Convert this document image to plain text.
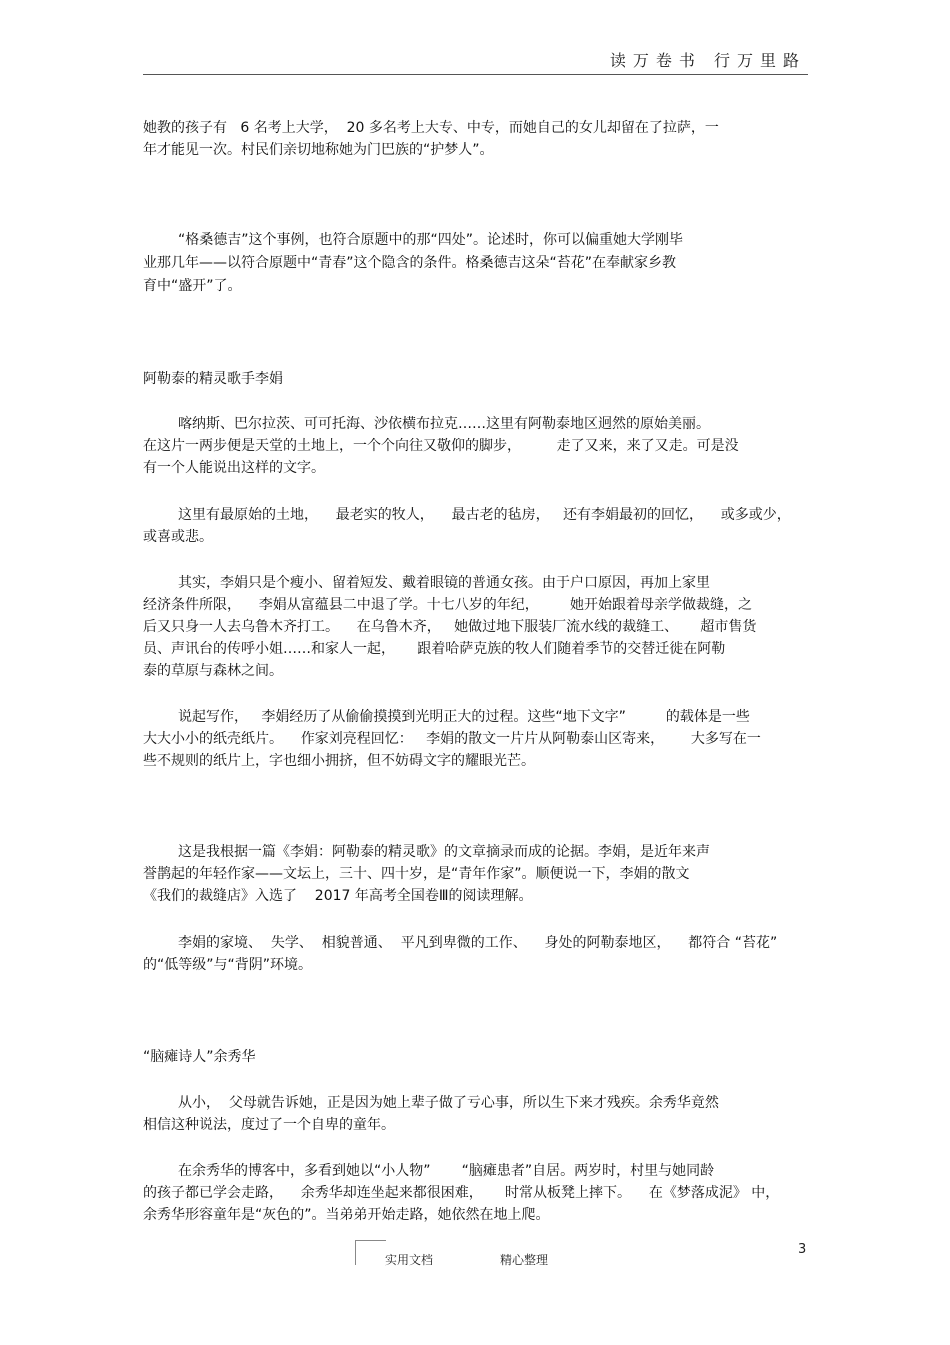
读万卷书 行万里路
她教的孩子有   6 名考上大学，  20 多名考上大专、中专，而她自己的女儿却留在了拉萨，一
年才能见一次。村民们亲切地称她为门巴族的“护梦人”。
“格桑德吉”这个事例，也符合原题中的那“四处”。论述时，你可以偏重她大学刚毕
业那几年——以符合原题中“青春”这个隐含的条件。格桑德吉这朵“苔花”在奉献家乡教
育中“盛开”了。
阿勒泰的精灵歌手李娟
喀纳斯、巴尔拉茨、可可托海、沙依横布拉克……这里有阿勒泰地区迥然的原始美丽。
在这片一两步便是天堂的土地上，一个个向往又敬仰的脚步，        走了又来，来了又走。可是没
有一个人能说出这样的文字。
这里有最原始的土地，    最老实的牧人，    最古老的毡房，   还有李娟最初的回忆，    或多或少，
或喜或悲。
其实，李娟只是个瘦小、留着短发、戴着眼镜的普通女孩。由于户口原因，再加上家里
经济条件所限，    李娟从富蕴县二中退了学。十七八岁的年纪，       她开始跟着母亲学做裁缝，之
后又只身一人去乌鲁木齐打工。    在乌鲁木齐，   她做过地下服装厂流水线的裁缝工、     超市售货
员、声讯台的传呼小姐……和家人一起，     跟着哈萨克族的牧人们随着季节的交替迁徙在阿勒
泰的草原与森林之间。
说起写作，   李娟经历了从偷偷摸摸到光明正大的过程。这些“地下文字”         的载体是一些
大大小小的纸壳纸片。    作家刘亮程回忆：   李娟的散文一片片从阿勒泰山区寄来，      大多写在一
些不规则的纸片上，字也细小拥挤，但不妨碍文字的耀眼光芒。
这是我根据一篇《李娟：阿勒泰的精灵歌》的文章摘录而成的论据。李娟，是近年来声
誉鹊起的年轻作家——文坛上，三十、四十岁，是“青年作家”。顺便说一下，李娟的散文
《我们的裁缝店》入选了    2017 年高考全国卷Ⅲ的阅读理解。
李娟的家境、  失学、  相貌普通、  平凡到卑微的工作、    身处的阿勒泰地区，    都符合 “苔花”
的“低等级”与“背阴”环境。
“脑瘫诗人”余秀华
从小，  父母就告诉她，正是因为她上辈子做了亏心事，所以生下来才残疾。余秀华竟然
相信这种说法，度过了一个自卑的童年。
在余秀华的博客中，多看到她以“小人物”       “脑瘫患者”自居。两岁时，村里与她同龄
的孩子都已学会走路，    余秀华却连坐起来都很困难，     时常从板凳上摔下。    在《梦落成泥》 中，
余秀华形容童年是“灰色的”。当弟弟开始走路，她依然在地上爬。
实用文档	精心整理
3
